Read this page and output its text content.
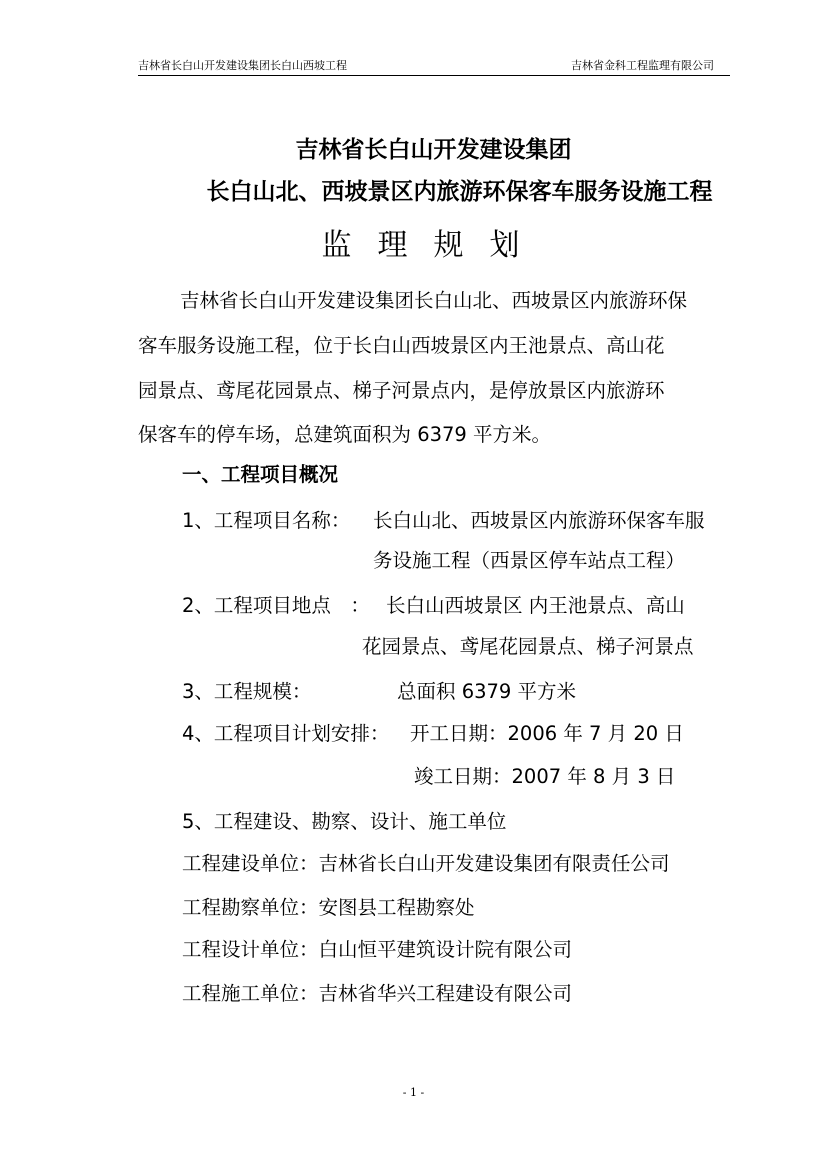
吉林省长白山开发建设集团长白山西坡工程	吉林省金科工程监理有限公司
吉林省长白山开发建设集团
长白山北、西坡景区内旅游环保客车服务设施工程
监理规划
吉林省长白山开发建设集团长白山北、西坡景区内旅游环保
客车服务设施工程，位于长白山西坡景区内王池景点、高山花
园景点、鸢尾花园景点、梯子河景点内，是停放景区内旅游环
保客车的停车场，总建筑面积为 6379 平方米。
一、工程项目概况
1、工程项目名称： 长白山北、西坡景区内旅游环保客车服
务设施工程（西景区停车站点工程）
2、工程项目地点　： 长白山西坡景区 内王池景点、高山
花园景点、鸢尾花园景点、梯子河景点
3、工程规模：	总面积 6379 平方米
4、工程项目计划安排： 开工日期：2006 年 7 月 20 日
竣工日期：2007 年 8 月 3 日
5、工程建设、勘察、设计、施工单位
工程建设单位：吉林省长白山开发建设集团有限责任公司
工程勘察单位：安图县工程勘察处
工程设计单位：白山恒平建筑设计院有限公司
工程施工单位：吉林省华兴工程建设有限公司
- 1 -
